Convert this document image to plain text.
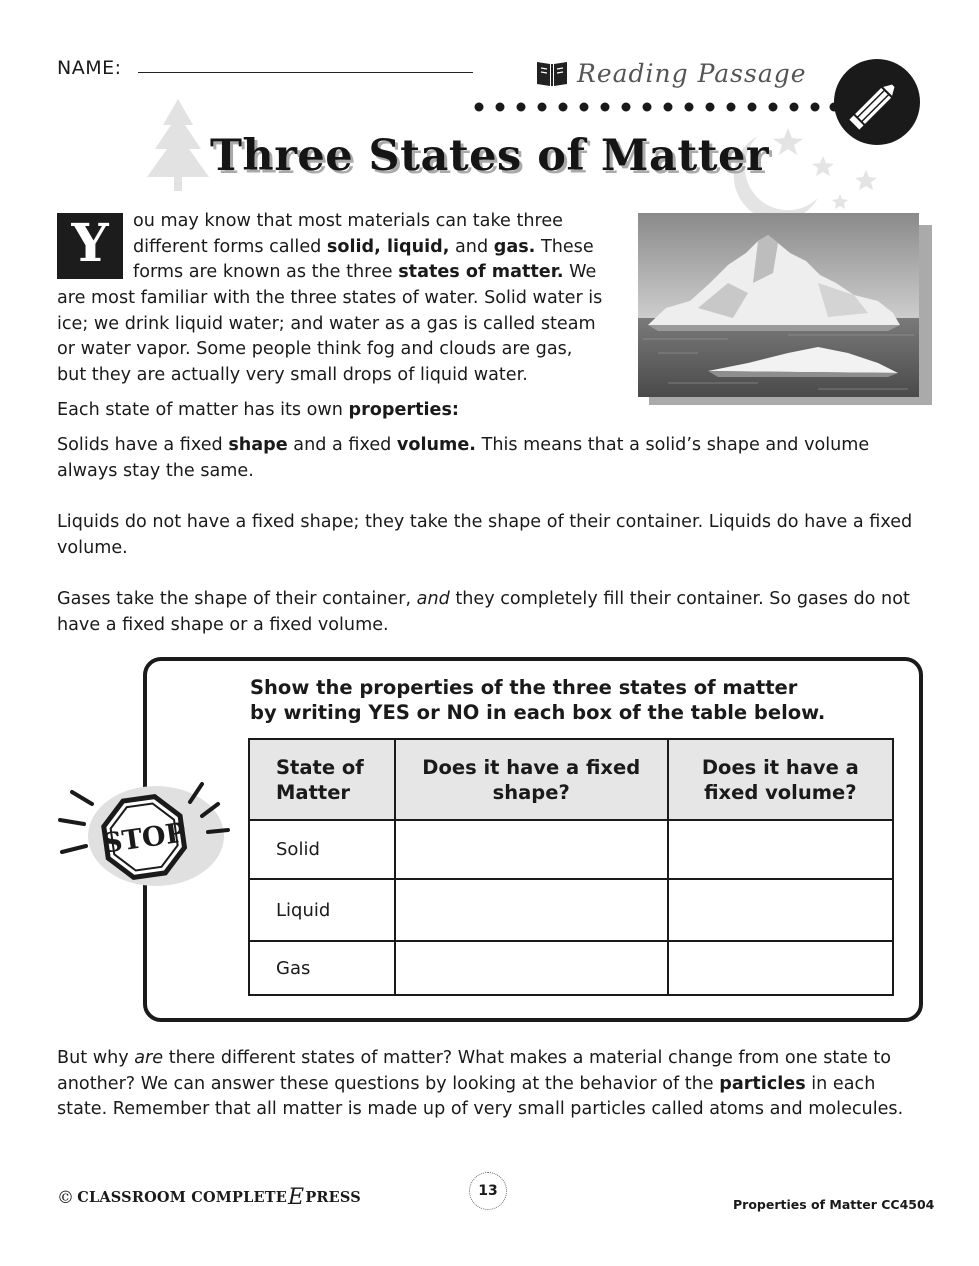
NAME:	Reading Passage
Three States of Matter
Y	ou may know that most materials can take three

different forms called solid, liquid, and gas. These

forms are known as the three states of matter. We

are most familiar with the three states of water. Solid water is

ice; we drink liquid water; and water as a gas is called steam

or water vapor. Some people think fog and clouds are gas,

but they are actually very small drops of liquid water.

Each state of matter has its own properties:
Solids have a fixed shape and a fixed volume. This means that a solid’s shape and volume always stay the same.
Liquids do not have a fixed shape; they take the shape of their container. Liquids do have a fixed volume.
Gases take the shape of their container, and they completely fill their container. So gases do not have a fixed shape or a fixed volume.
STOP
Show the properties of the three states of matter
by writing YES or NO in each box of the table below.
State of Matter	Does it have a fixed shape?	Does it have a fixed volume?
Solid		
Liquid		
Gas		
But why are there different states of matter? What makes a material change from one state to another? We can answer these questions by looking at the behavior of the particles in each state. Remember that all matter is made up of very small particles called atoms and molecules.
© CLASSROOM COMPLETE E PRESS	13
Properties of Matter CC4504
